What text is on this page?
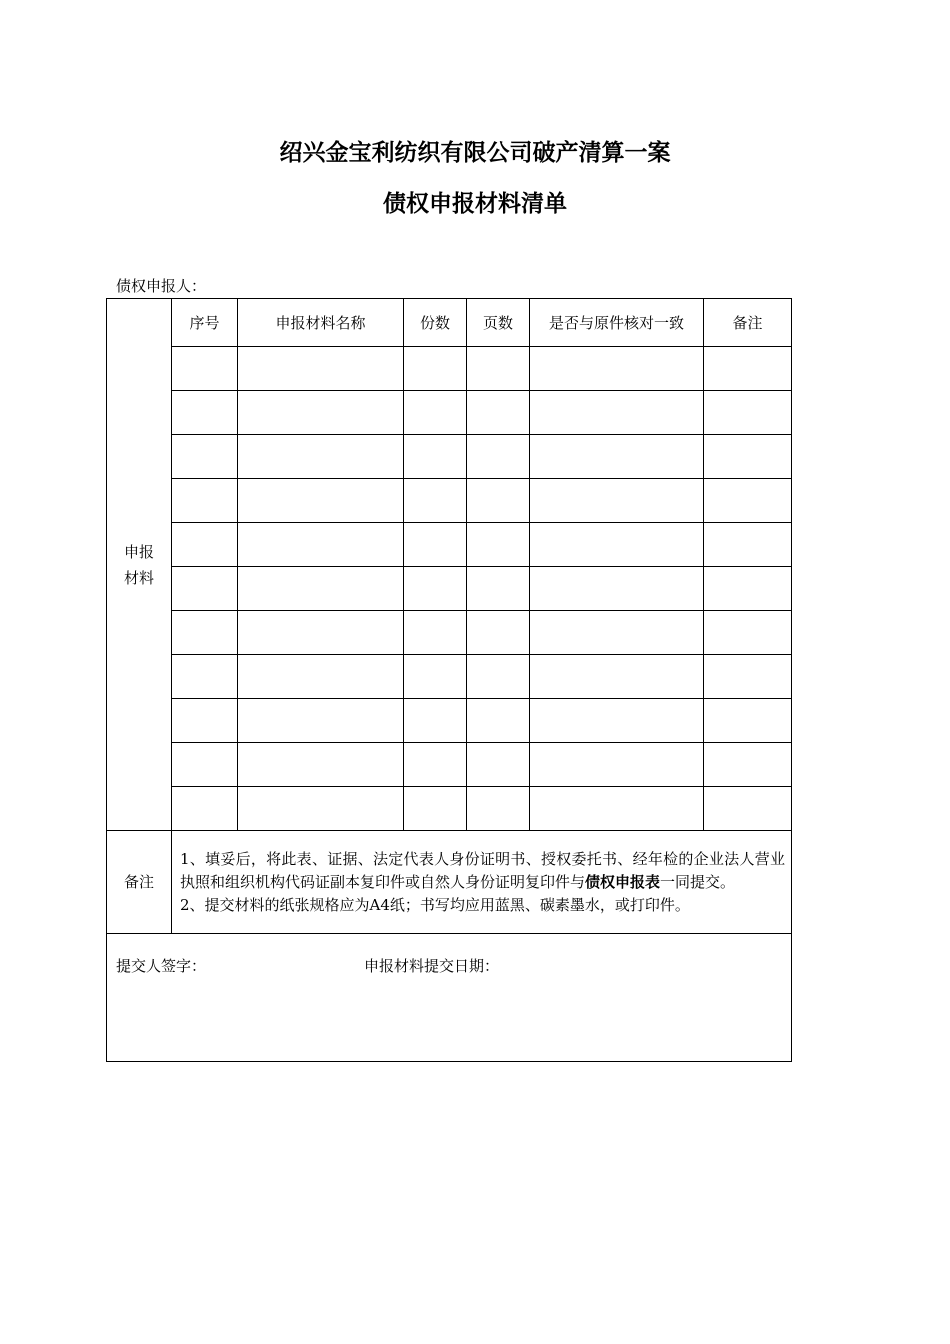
绍兴金宝利纺织有限公司破产清算一案
债权申报材料清单
债权申报人：
申报
材料	序号	申报材料名称	份数	页数	是否与原件核对一致	备注

备注	1、填妥后，将此表、证据、法定代表人身份证明书、授权委托书、经年检的企业法人营业执照和组织机构代码证副本复印件或自然人身份证明复印件与债权申报表一同提交。
2、提交材料的纸张规格应为A4纸；书写均应用蓝黑、碳素墨水，或打印件。					

提交人签字： 申报材料提交日期：						
